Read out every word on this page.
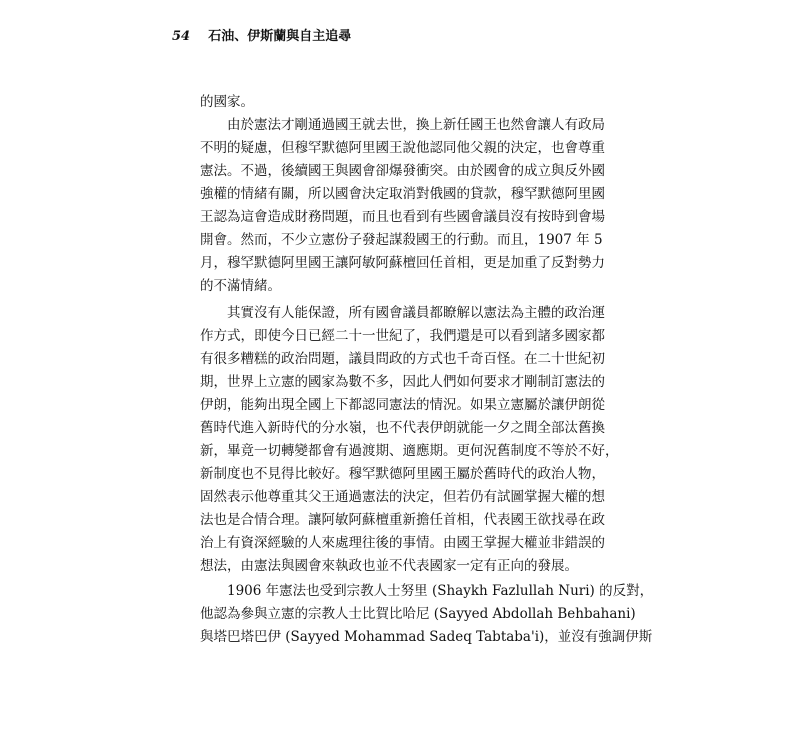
54 石油、伊斯蘭與自主追尋
的國家。
由於憲法才剛通過國王就去世，換上新任國王也然會讓人有政局
不明的疑慮，但穆罕默德阿里國王說他認同他父親的決定，也會尊重
憲法。不過，後續國王與國會卻爆發衝突。由於國會的成立與反外國
強權的情緒有關，所以國會決定取消對俄國的貸款，穆罕默德阿里國
王認為這會造成財務問題，而且也看到有些國會議員沒有按時到會場
開會。然而，不少立憲份子發起謀殺國王的行動。而且，1907 年 5
月，穆罕默德阿里國王讓阿敏阿蘇檀回任首相，更是加重了反對勢力
的不滿情緒。
其實沒有人能保證，所有國會議員都瞭解以憲法為主體的政治運
作方式，即使今日已經二十一世紀了，我們還是可以看到諸多國家都
有很多糟糕的政治問題，議員問政的方式也千奇百怪。在二十世紀初
期，世界上立憲的國家為數不多，因此人們如何要求才剛制訂憲法的
伊朗，能夠出現全國上下都認同憲法的情況。如果立憲屬於讓伊朗從
舊時代進入新時代的分水嶺，也不代表伊朗就能一夕之間全部汰舊換
新，畢竟一切轉變都會有過渡期、適應期。更何況舊制度不等於不好，
新制度也不見得比較好。穆罕默德阿里國王屬於舊時代的政治人物，
固然表示他尊重其父王通過憲法的決定，但若仍有試圖掌握大權的想
法也是合情合理。讓阿敏阿蘇檀重新擔任首相，代表國王欲找尋在政
治上有資深經驗的人來處理往後的事情。由國王掌握大權並非錯誤的
想法，由憲法與國會來執政也並不代表國家一定有正向的發展。
1906 年憲法也受到宗教人士努里 (Shaykh Fazlullah Nuri) 的反對，
他認為參與立憲的宗教人士比賀比哈尼 (Sayyed Abdollah Behbahani)
與塔巴塔巴伊 (Sayyed Mohammad Sadeq Tabtaba'i)，並沒有強調伊斯
